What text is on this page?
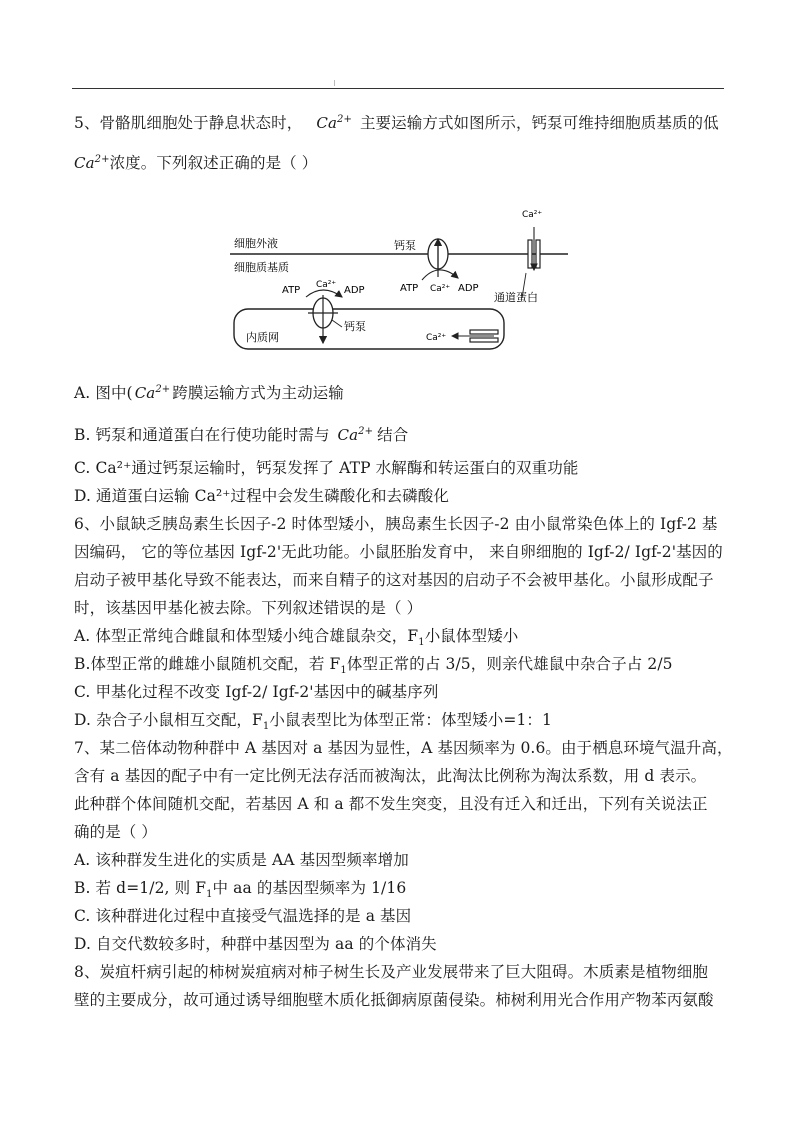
5、骨骼肌细胞处于静息状态时， $Ca^{2+}$ 主要运输方式如图所示，钙泵可维持细胞质基质的低
$Ca^{2+}$浓度。下列叙述正确的是（ ）
细胞外液
细胞质基质
钙泵
ATP Ca²⁺ ADP
Ca²⁺
通道蛋白
内质网
ATP Ca²⁺ ADP
钙泵
Ca²⁺
A. 图中( $Ca^{2+}$ 跨膜运输方式为主动运输
B. 钙泵和通道蛋白在行使功能时需与 $Ca^{2+}$ 结合
C. Ca²⁺通过钙泵运输时，钙泵发挥了 ATP 水解酶和转运蛋白的双重功能
D. 通道蛋白运输 Ca²⁺过程中会发生磷酸化和去磷酸化
6、小鼠缺乏胰岛素生长因子-2 时体型矮小，胰岛素生长因子-2 由小鼠常染色体上的 Igf-2 基
因编码， 它的等位基因 Igf-2'无此功能。小鼠胚胎发育中， 来自卵细胞的 Igf-2/ Igf-2'基因的
启动子被甲基化导致不能表达，而来自精子的这对基因的启动子不会被甲基化。小鼠形成配子
时，该基因甲基化被去除。下列叙述错误的是（ ）
A. 体型正常纯合雌鼠和体型矮小纯合雄鼠杂交，$F_1$小鼠体型矮小
B.体型正常的雌雄小鼠随机交配，若 $F_1$体型正常的占 3/5，则亲代雄鼠中杂合子占 2/5
C. 甲基化过程不改变 Igf-2/ Igf-2'基因中的碱基序列
D. 杂合子小鼠相互交配，$F_1$小鼠表型比为体型正常：体型矮小=1：1
7、某二倍体动物种群中 A 基因对 a 基因为显性，A 基因频率为 0.6。由于栖息环境气温升高，
含有 a 基因的配子中有一定比例无法存活而被淘汰，此淘汰比例称为淘汰系数，用 d 表示。
此种群个体间随机交配，若基因 A 和 a 都不发生突变，且没有迁入和迁出，下列有关说法正
确的是（ ）
A. 该种群发生进化的实质是 AA 基因型频率增加
B. 若 d=1/2, 则 $F_1$中 aa 的基因型频率为 1/16
C. 该种群进化过程中直接受气温选择的是 a 基因
D. 自交代数较多时，种群中基因型为 aa 的个体消失
8、炭疽杆病引起的柿树炭疽病对柿子树生长及产业发展带来了巨大阻碍。木质素是植物细胞
壁的主要成分，故可通过诱导细胞壁木质化抵御病原菌侵染。柿树利用光合作用产物苯丙氨酸
